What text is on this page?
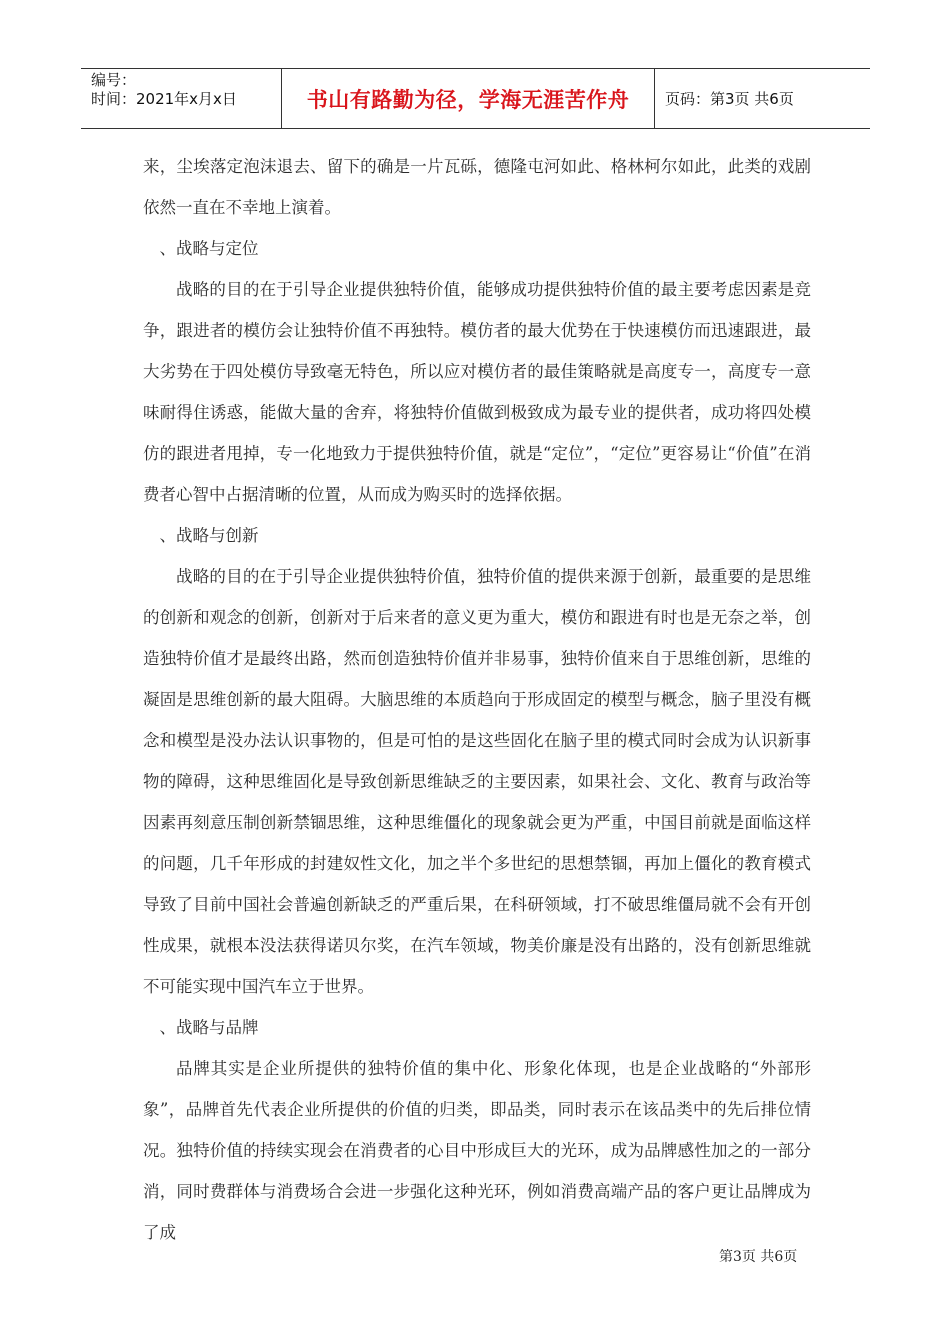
编号：
时间：2021年x月x日	书山有路勤为径，学海无涯苦作舟	页码：第3页 共6页

来，尘埃落定泡沫退去、留下的确是一片瓦砾，德隆屯河如此、格林柯尔如此，此类的戏剧依然一直在不幸地上演着。

、战略与定位

战略的目的在于引导企业提供独特价值，能够成功提供独特价值的最主要考虑因素是竞争，跟进者的模仿会让独特价值不再独特。模仿者的最大优势在于快速模仿而迅速跟进，最大劣势在于四处模仿导致毫无特色，所以应对模仿者的最佳策略就是高度专一，高度专一意味耐得住诱惑，能做大量的舍弃，将独特价值做到极致成为最专业的提供者，成功将四处模仿的跟进者甩掉，专一化地致力于提供独特价值，就是“定位”，“定位”更容易让“价值”在消费者心智中占据清晰的位置，从而成为购买时的选择依据。

、战略与创新

战略的目的在于引导企业提供独特价值，独特价值的提供来源于创新，最重要的是思维的创新和观念的创新，创新对于后来者的意义更为重大，模仿和跟进有时也是无奈之举，创造独特价值才是最终出路，然而创造独特价值并非易事，独特价值来自于思维创新，思维的凝固是思维创新的最大阻碍。大脑思维的本质趋向于形成固定的模型与概念，脑子里没有概念和模型是没办法认识事物的，但是可怕的是这些固化在脑子里的模式同时会成为认识新事物的障碍，这种思维固化是导致创新思维缺乏的主要因素，如果社会、文化、教育与政治等因素再刻意压制创新禁锢思维，这种思维僵化的现象就会更为严重，中国目前就是面临这样的问题，几千年形成的封建奴性文化，加之半个多世纪的思想禁锢，再加上僵化的教育模式导致了目前中国社会普遍创新缺乏的严重后果，在科研领域，打不破思维僵局就不会有开创性成果，就根本没法获得诺贝尔奖，在汽车领域，物美价廉是没有出路的，没有创新思维就不可能实现中国汽车立于世界。

、战略与品牌

品牌其实是企业所提供的独特价值的集中化、形象化体现，也是企业战略的“外部形象”，品牌首先代表企业所提供的价值的归类，即品类，同时表示在该品类中的先后排位情况。独特价值的持续实现会在消费者的心目中形成巨大的光环，成为品牌感性加之的一部分消，同时费群体与消费场合会进一步强化这种光环，例如消费高端产品的客户更让品牌成为了成

第3页 共6页
